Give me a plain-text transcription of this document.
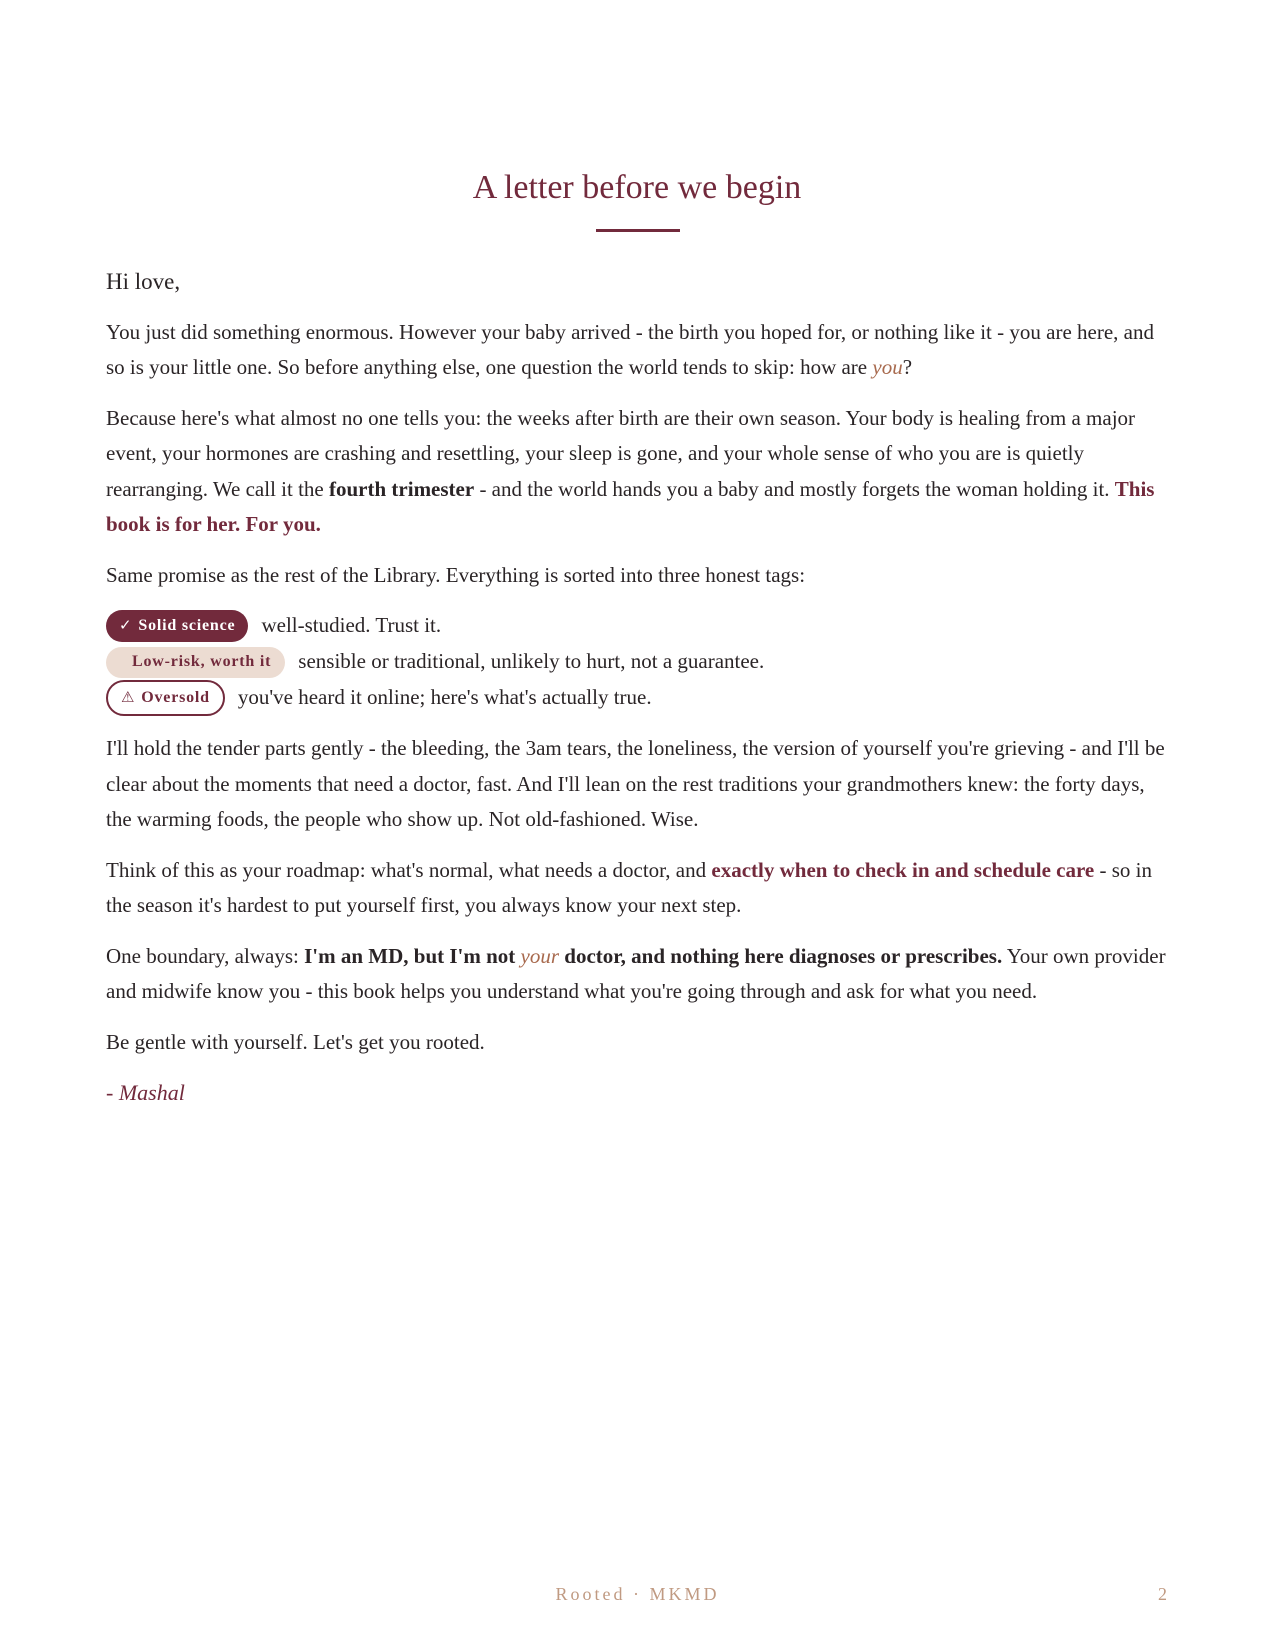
A letter before we begin

Hi love,

You just did something enormous. However your baby arrived - the birth you hoped for, or nothing like it - you are here, and so is your little one. So before anything else, one question the world tends to skip: how are you?

Because here's what almost no one tells you: the weeks after birth are their own season. Your body is healing from a major event, your hormones are crashing and resettling, your sleep is gone, and your whole sense of who you are is quietly rearranging. We call it the fourth trimester - and the world hands you a baby and mostly forgets the woman holding it. This book is for her. For you.

Same promise as the rest of the Library. Everything is sorted into three honest tags:

✓ Solid science well-studied. Trust it.
Low-risk, worth it sensible or traditional, unlikely to hurt, not a guarantee.
⚠ Oversold you've heard it online; here's what's actually true.

I'll hold the tender parts gently - the bleeding, the 3am tears, the loneliness, the version of yourself you're grieving - and I'll be clear about the moments that need a doctor, fast. And I'll lean on the rest traditions your grandmothers knew: the forty days, the warming foods, the people who show up. Not old-fashioned. Wise.

Think of this as your roadmap: what's normal, what needs a doctor, and exactly when to check in and schedule care - so in the season it's hardest to put yourself first, you always know your next step.

One boundary, always: I'm an MD, but I'm not your doctor, and nothing here diagnoses or prescribes. Your own provider and midwife know you - this book helps you understand what you're going through and ask for what you need.

Be gentle with yourself. Let's get you rooted.

- Mashal

Rooted · MKMD	2
